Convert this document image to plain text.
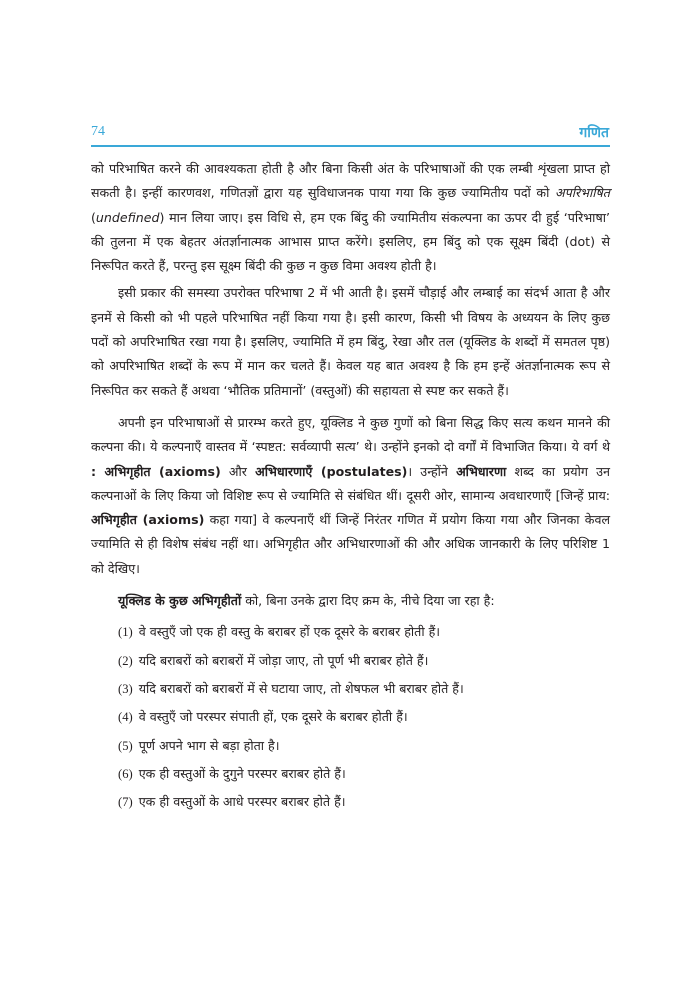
74	गणित

को परिभाषित करने की आवश्यकता होती है और बिना किसी अंत के परिभाषाओं की एक लम्बी शृंखला प्राप्त हो सकती है। इन्हीं कारणवश, गणितज्ञों द्वारा यह सुविधाजनक पाया गया कि कुछ ज्यामितीय पदों को अपरिभाषित (undefined) मान लिया जाए। इस विधि से, हम एक बिंदु की ज्यामितीय संकल्पना का ऊपर दी हुई ‘परिभाषा’ की तुलना में एक बेहतर अंतर्ज्ञानात्मक आभास प्राप्त करेंगे। इसलिए, हम बिंदु को एक सूक्ष्म बिंदी (dot) से निरूपित करते हैं, परन्तु इस सूक्ष्म बिंदी की कुछ न कुछ विमा अवश्य होती है।

इसी प्रकार की समस्या उपरोक्त परिभाषा 2 में भी आती है। इसमें चौड़ाई और लम्बाई का संदर्भ आता है और इनमें से किसी को भी पहले परिभाषित नहीं किया गया है। इसी कारण, किसी भी विषय के अध्ययन के लिए कुछ पदों को अपरिभाषित रखा गया है। इसलिए, ज्यामिति में हम बिंदु, रेखा और तल (यूक्लिड के शब्दों में समतल पृष्ठ) को अपरिभाषित शब्दों के रूप में मान कर चलते हैं। केवल यह बात अवश्य है कि हम इन्हें अंतर्ज्ञानात्मक रूप से निरूपित कर सकते हैं अथवा ‘भौतिक प्रतिमानों’ (वस्तुओं) की सहायता से स्पष्ट कर सकते हैं।

अपनी इन परिभाषाओं से प्रारम्भ करते हुए, यूक्लिड ने कुछ गुणों को बिना सिद्ध किए सत्य कथन मानने की कल्पना की। ये कल्पनाएँ वास्तव में ‘स्पष्टत: सर्वव्यापी सत्य’ थे। उन्होंने इनको दो वर्गों में विभाजित किया। ये वर्ग थे : अभिगृहीत (axioms) और अभिधारणाएँ (postulates)। उन्होंने अभिधारणा शब्द का प्रयोग उन कल्पनाओं के लिए किया जो विशिष्ट रूप से ज्यामिति से संबंधित थीं। दूसरी ओर, सामान्य अवधारणाएँ [जिन्हें प्राय: अभिगृहीत (axioms) कहा गया] वे कल्पनाएँ थीं जिन्हें निरंतर गणित में प्रयोग किया गया और जिनका केवल ज्यामिति से ही विशेष संबंध नहीं था। अभिगृहीत और अभिधारणाओं की और अधिक जानकारी के लिए परिशिष्ट 1 को देखिए।

यूक्लिड के कुछ अभिगृहीतों को, बिना उनके द्वारा दिए क्रम के, नीचे दिया जा रहा है:

(1) वे वस्तुएँ जो एक ही वस्तु के बराबर हों एक दूसरे के बराबर होती हैं।
(2) यदि बराबरों को बराबरों में जोड़ा जाए, तो पूर्ण भी बराबर होते हैं।
(3) यदि बराबरों को बराबरों में से घटाया जाए, तो शेषफल भी बराबर होते हैं।
(4) वे वस्तुएँ जो परस्पर संपाती हों, एक दूसरे के बराबर होती हैं।
(5) पूर्ण अपने भाग से बड़ा होता है।
(6) एक ही वस्तुओं के दुगुने परस्पर बराबर होते हैं।
(7) एक ही वस्तुओं के आधे परस्पर बराबर होते हैं।
